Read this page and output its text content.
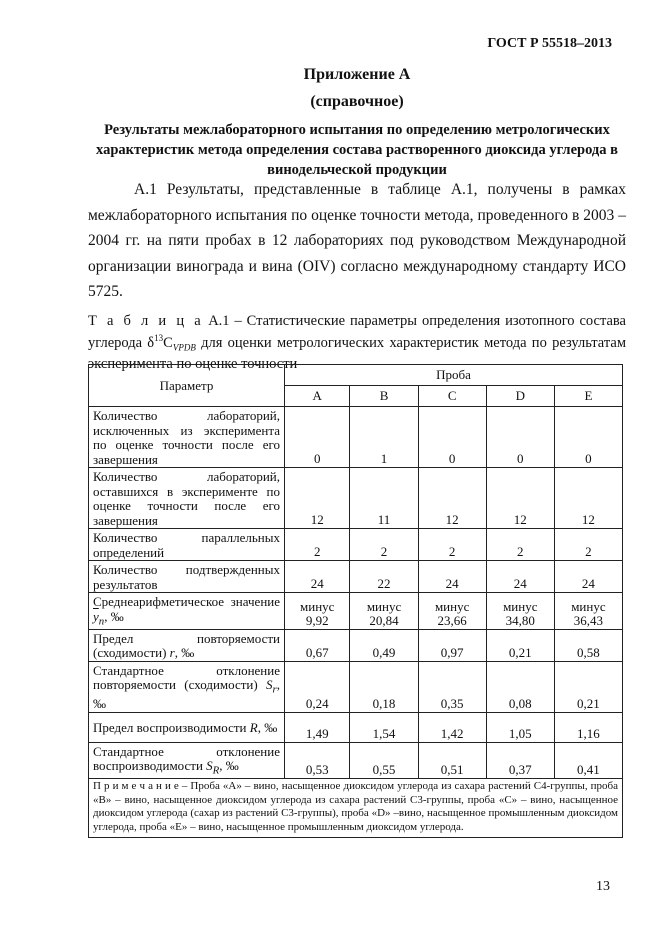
ГОСТ Р 55518–2013
Приложение А
(справочное)
Результаты межлабораторного испытания по определению метрологических характеристик метода определения состава растворенного диоксида углерода в винодельческой продукции

А.1 Результаты, представленные в таблице А.1, получены в рамках межлабораторного испытания по оценке точности метода, проведенного в 2003 – 2004 гг. на пяти пробах в 12 лабораториях под руководством Международной организации винограда и вина (OIV) согласно международному стандарту ИСО 5725.

Т а б л и ц а А.1 – Статистические параметры определения изотопного состава углерода $\delta^{13}C_{VPDB}$ для оценки метрологических характеристик метода по результатам эксперимента по оценке точности
Параметр	Проба				
	A	B	C	D	E
Количество лабораторий, исключенных из эксперимента по оценке точности после его завершения	0	1	0	0	0
Количество лабораторий, оставшихся в эксперименте по оценке точности после его завершения	12	11	12	12	12
Количество параллельных определений	2	2	2	2	2
Количество подтвержденных результатов	24	22	24	24	24
Среднеарифметическое значение $\overline{y}_n$, ‰	минус 9,92	минус 20,84	минус 23,66	минус 34,80	минус 36,43
Предел повторяемости (сходимости) r, ‰	0,67	0,49	0,97	0,21	0,58
Стандартное отклонение повторяемости (сходимости) $S_r$, ‰	0,24	0,18	0,35	0,08	0,21
Предел воспроизводимости R, ‰	1,49	1,54	1,42	1,05	1,16
Стандартное отклонение воспроизводимости $S_R$, ‰	0,53	0,55	0,51	0,37	0,41
П р и м е ч а н и е – Проба «A» – вино, насыщенное диоксидом углерода из сахара растений С4-группы, проба «B» – вино, насыщенное диоксидом углерода из сахара растений С3-группы, проба «C» – вино, насыщенное диоксидом углерода (сахар из растений С3-группы), проба «D» –вино, насыщенное промышленным диоксидом углерода, проба «E» – вино, насыщенное промышленным диоксидом углерода.					
13
